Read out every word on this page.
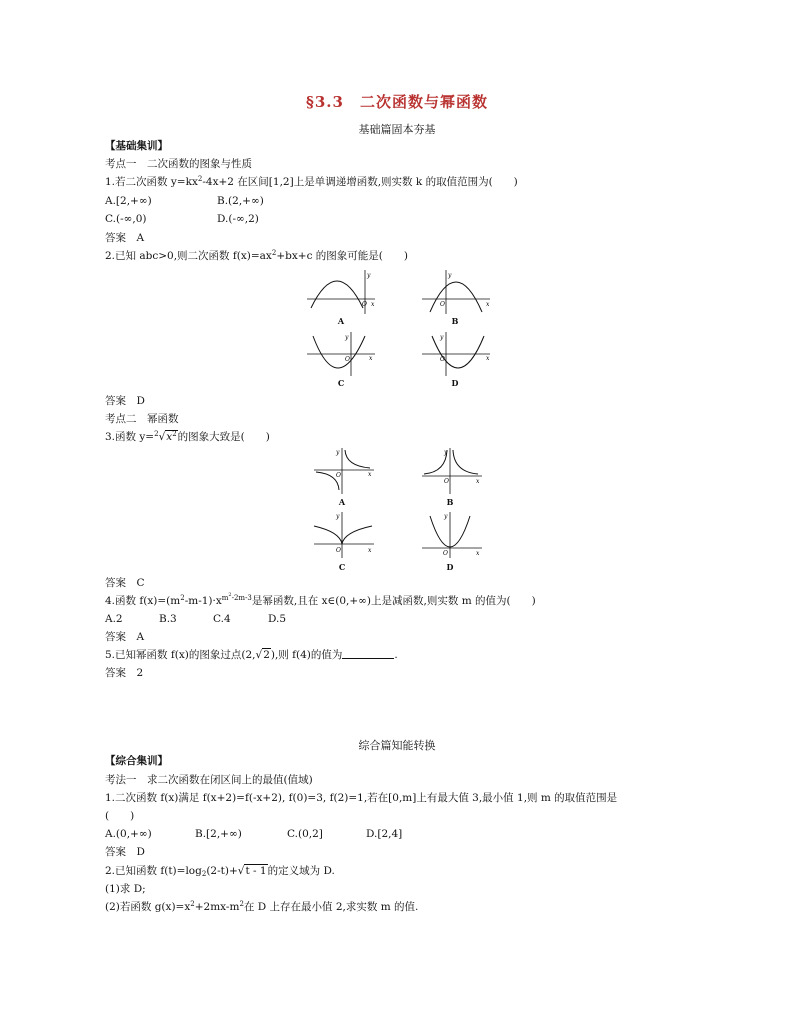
§3.3　二次函数与幂函数
基础篇固本夯基
【基础集训】
考点一　二次函数的图象与性质
1.若二次函数 $y=kx^2-4x+2$ 在区间[1,2]上是单调递增函数,则实数 k 的取值范围为(　　)
A.[2,+∞)	B.(2,+∞)
C.(-∞,0)	D.(-∞,2)
答案　A
2.已知 abc>0,则二次函数 $f(x)=ax^2+bx+c$ 的图象可能是(　　)
y
O x
A
y
O	x
B
y
O	x
C
y
O	x
D
答案　D
考点二　幂函数
3.函数 $y=^2√x^2$的图象大致是(　　)
y
O	x
A
y
O	x
B
y
O	x
C
y
O	x
D
答案　C
4.函数 $f(x)=(m^2-m-1)\cdot x^{m^2-2m-3}$是幂函数,且在 x∈(0,+∞)上是减函数,则实数 m 的值为(　　)
A.2	B.3	C.4	D.5
答案　A
5.已知幂函数 f(x)的图象过点(2,√2),则 f(4)的值为	.
答案　2
综合篇知能转换
【综合集训】
考法一　求二次函数在闭区间上的最值(值域)
1.二次函数 f(x)满足 f(x+2)=f(-x+2), f(0)=3, f(2)=1,若在[0,m]上有最大值 3,最小值 1,则 m 的取值范围是
(　　)
A.(0,+∞)	B.[2,+∞)	C.(0,2]	D.[2,4]
答案　D
2.已知函数 $f(t)=\log_2(2-t)+√t - 1$的定义域为 D.
(1)求 D;
(2)若函数 $g(x)=x^2+2mx-m^2$在 D 上存在最小值 2,求实数 m 的值.
